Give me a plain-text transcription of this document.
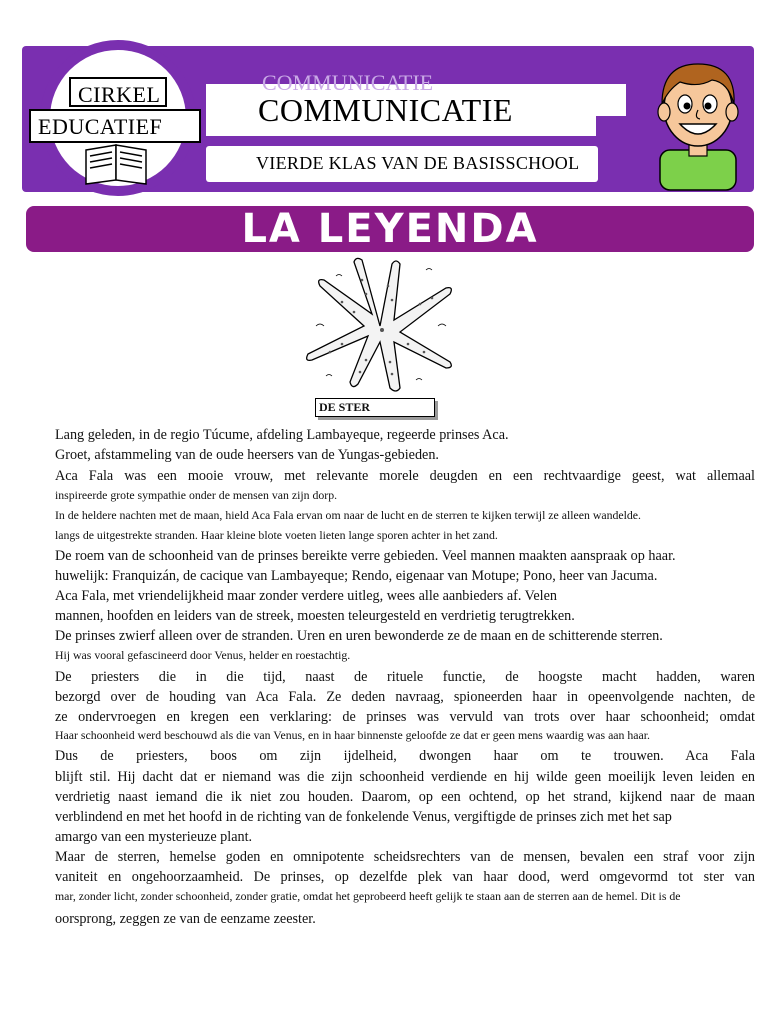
COMMUNICATIE
CIRKEL
EDUCATIEF	COMMUNICATIE
VIERDE KLAS VAN DE BASISSCHOOL
LA LEYENDA
DE STER
Lang geleden, in de regio Túcume, afdeling Lambayeque, regeerde prinses Aca.
Groet, afstammeling van de oude heersers van de Yungas-gebieden.
Aca Fala was een mooie vrouw, met relevante morele deugden en een rechtvaardige geest, wat allemaal
inspireerde grote sympathie onder de mensen van zijn dorp.
In de heldere nachten met de maan, hield Aca Fala ervan om naar de lucht en de sterren te kijken terwijl ze alleen wandelde.
langs de uitgestrekte stranden. Haar kleine blote voeten lieten lange sporen achter in het zand.
De roem van de schoonheid van de prinses bereikte verre gebieden. Veel mannen maakten aanspraak op haar.
huwelijk: Franquizán, de cacique van Lambayeque; Rendo, eigenaar van Motupe; Pono, heer van Jacuma.
Aca Fala, met vriendelijkheid maar zonder verdere uitleg, wees alle aanbieders af. Velen
mannen, hoofden en leiders van de streek, moesten teleurgesteld en verdrietig terugtrekken.
De prinses zwierf alleen over de stranden. Uren en uren bewonderde ze de maan en de schitterende sterren.
Hij was vooral gefascineerd door Venus, helder en roestachtig.
De priesters die in die tijd, naast de rituele functie, de hoogste macht hadden, waren
bezorgd over de houding van Aca Fala. Ze deden navraag, spioneerden haar in opeenvolgende nachten, de
ze ondervroegen en kregen een verklaring: de prinses was vervuld van trots over haar schoonheid; omdat
Haar schoonheid werd beschouwd als die van Venus, en in haar binnenste geloofde ze dat er geen mens waardig was aan haar.
Dus de priesters, boos om zijn ijdelheid, dwongen haar om te trouwen. Aca Fala
blijft stil. Hij dacht dat er niemand was die zijn schoonheid verdiende en hij wilde geen moeilijk leven leiden en
verdrietig naast iemand die ik niet zou houden. Daarom, op een ochtend, op het strand, kijkend naar de maan
verblindend en met het hoofd in de richting van de fonkelende Venus, vergiftigde de prinses zich met het sap
amargo van een mysterieuze plant.
Maar de sterren, hemelse goden en omnipotente scheidsrechters van de mensen, bevalen een straf voor zijn
vaniteit en ongehoorzaamheid. De prinses, op dezelfde plek van haar dood, werd omgevormd tot ster van
mar, zonder licht, zonder schoonheid, zonder gratie, omdat het geprobeerd heeft gelijk te staan aan de sterren aan de hemel. Dit is de
oorsprong, zeggen ze van de eenzame zeester.
